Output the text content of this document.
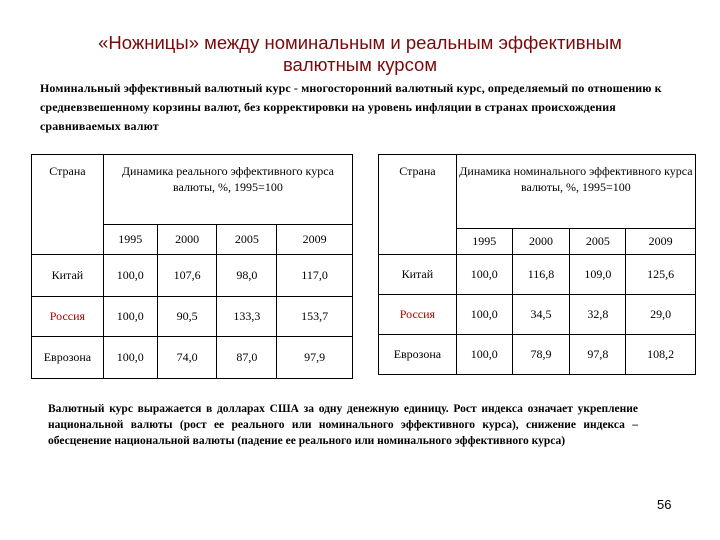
«Ножницы» между номинальным и реальным эффективным
валютным курсом
Номинальный эффективный валютный курс - многосторонний валютный курс, определяемый по отношению к средневзвешенному корзины валют, без корректировки на уровень инфляции в странах происхождения сравниваемых валют
Страна	Динамика реального эффективного курса валюты, %, 1995=100			
	1995	2000	2005	2009
Китай	100,0	107,6	98,0	117,0
Россия	100,0	90,5	133,3	153,7
Еврозона	100,0	74,0	87,0	97,9
Страна	Динамика номинального эффективного курса валюты, %, 1995=100			
	1995	2000	2005	2009
Китай	100,0	116,8	109,0	125,6
Россия	100,0	34,5	32,8	29,0
Еврозона	100,0	78,9	97,8	108,2
Валютный курс выражается в долларах США за одну денежную единицу. Рост индекса означает укрепление национальной валюты (рост ее реального или номинального эффективного курса), снижение индекса – обесценение национальной валюты (падение ее реального или номинального эффективного курса)
56
